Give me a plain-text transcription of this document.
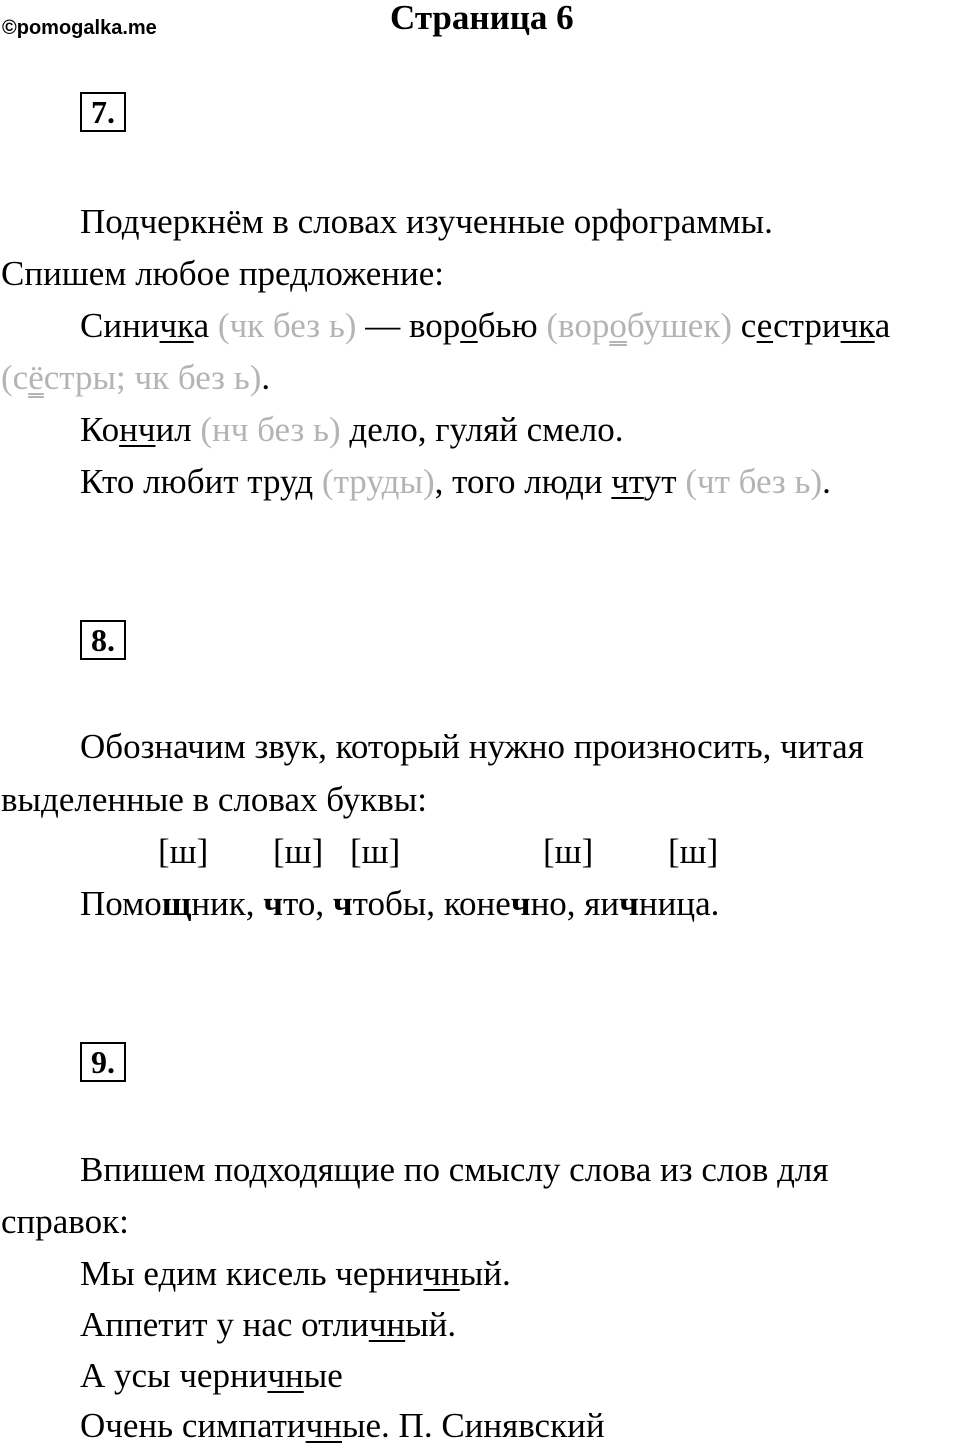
©pomogalka.me	Страница 6
7.
Подчеркнём в словах изученные орфограммы.
Спишем любое предложение:
Синичка (чк без ь) — воробью (воробушек) сестричка
(сёстры; чк без ь).
Кончил (нч без ь) дело, гуляй смело.
Кто любит труд (труды), того люди чтут (чт без ь).
8.
Обозначим звук, который нужно произносить, читая
выделенные в словах буквы:
[ш] [ш] [ш]	[ш] [ш]
Помощник, что, чтобы, конечно, яичница.
9.
Впишем подходящие по смыслу слова из слов для
справок:
Мы едим кисель черничный.
Аппетит у нас отличный.
А усы черничные
Очень симпатичные. П. Синявский
